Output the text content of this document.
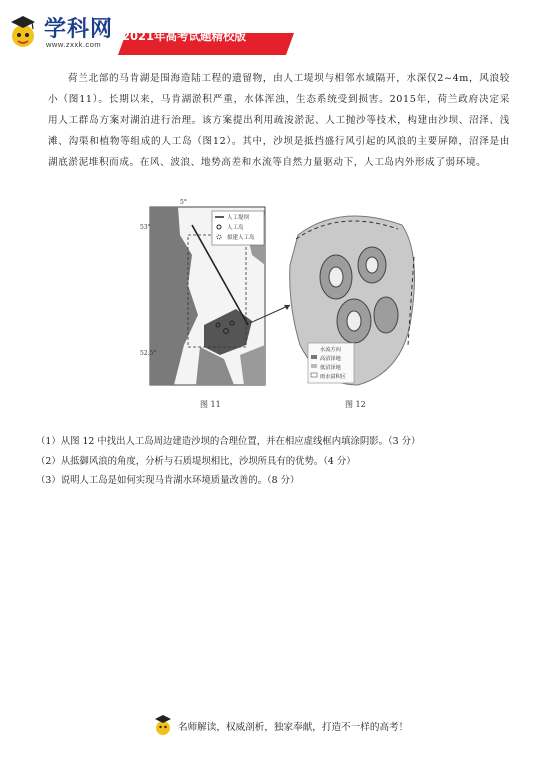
学科网
www.zxxk.com
2021年高考试题精校版
荷兰北部的马肯湖是围海造陆工程的遗留物，由人工堤坝与相邻水域隔开，水深仅2~4m，风浪较小（图11）。长期以来，马肯湖淤积严重，水体浑浊，生态系统受到损害。2015年，荷兰政府决定采用人工群岛方案对湖泊进行治理。该方案提出利用疏浚淤泥、人工抛沙等技术，构建由沙坝、沼泽、浅滩、沟渠和植物等组成的人工岛（图12）。其中，沙坝是抵挡盛行风引起的风浪的主要屏障，沼泽是由湖底淤泥堆积而成。在风、波浪、地势高差和水流等自然力量驱动下，人工岛内外形成了弱环境。
5°
53°
52.5°
人工堤坝
人工岛
拟建人工岛
图 11
水流方向
高沼泽地
低沼泽地
雨水富积区
图 12
（1）从图 12 中找出人工岛周边建造沙坝的合理位置，并在相应虚线框内填涂阴影。（3 分）
（2）从抵御风浪的角度，分析与石质堤坝相比，沙坝所具有的优势。（4 分）
（3）说明人工岛是如何实现马肯湖水环境质量改善的。（8 分）
名师解读，权威剖析，独家奉献，打造不一样的高考！
